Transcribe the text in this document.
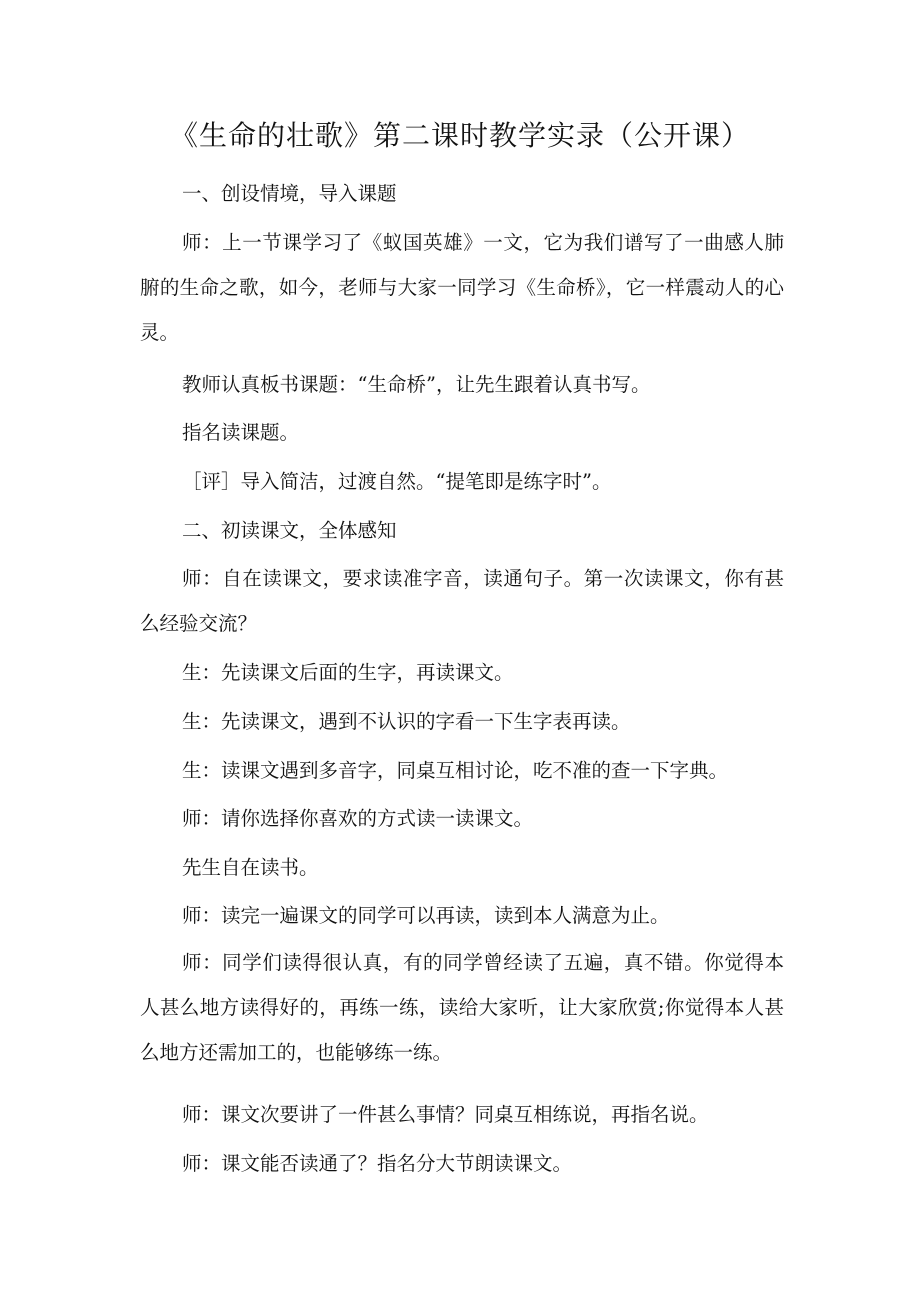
《生命的壮歌》第二课时教学实录（公开课）

一、创设情境，导入课题

师：上一节课学习了《蚁国英雄》一文，它为我们谱写了一曲感人肺腑的生命之歌，如今，老师与大家一同学习《生命桥》，它一样震动人的心灵。

教师认真板书课题：“生命桥”，让先生跟着认真书写。

指名读课题。

［评］导入简洁，过渡自然。“提笔即是练字时”。

二、初读课文，全体感知

师：自在读课文，要求读准字音，读通句子。第一次读课文，你有甚么经验交流？

生：先读课文后面的生字，再读课文。

生：先读课文，遇到不认识的字看一下生字表再读。

生：读课文遇到多音字，同桌互相讨论，吃不准的查一下字典。

师：请你选择你喜欢的方式读一读课文。

先生自在读书。

师：读完一遍课文的同学可以再读，读到本人满意为止。

师：同学们读得很认真，有的同学曾经读了五遍，真不错。你觉得本人甚么地方读得好的，再练一练，读给大家听，让大家欣赏;你觉得本人甚么地方还需加工的，也能够练一练。

师：课文次要讲了一件甚么事情？同桌互相练说，再指名说。

师：课文能否读通了？指名分大节朗读课文。
